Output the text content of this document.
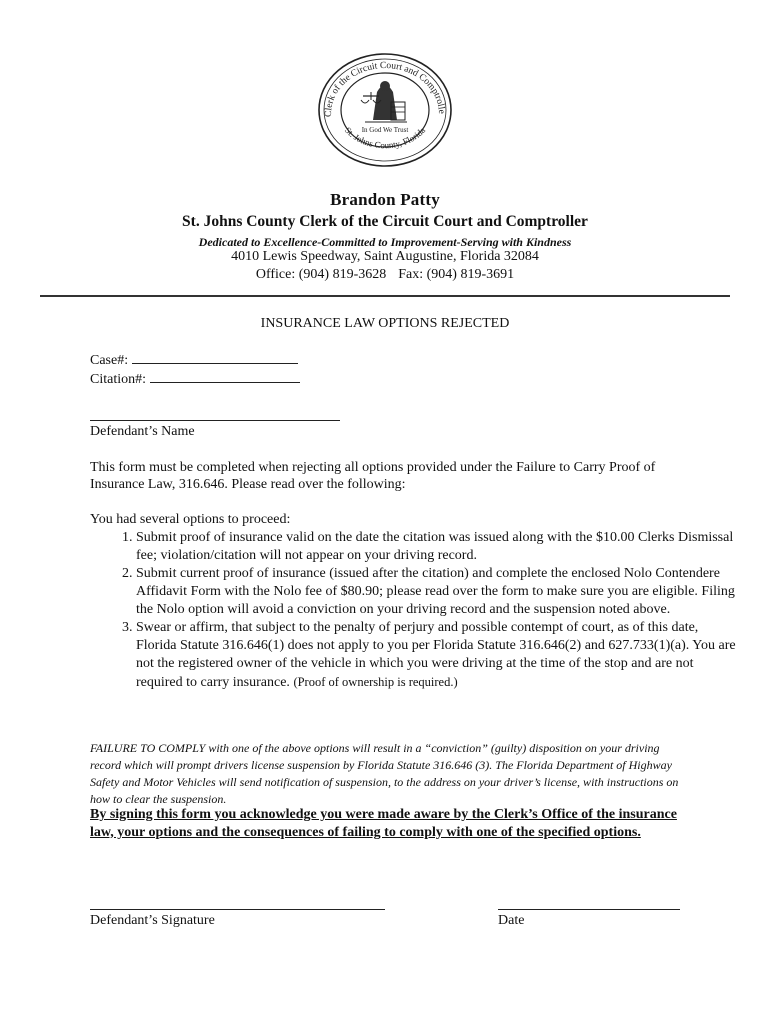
Clerk of the Circuit Court and Comptrolle
St. Johns County, Florida
In God We Trust
Brandon Patty
St. Johns County Clerk of the Circuit Court and Comptroller
Dedicated to Excellence-Committed to Improvement-Serving with Kindness
4010 Lewis Speedway, Saint Augustine, Florida 32084
Office: (904) 819-3628 Fax: (904) 819-3691
INSURANCE LAW OPTIONS REJECTED
Case#:
Citation#:
Defendant’s Name
This form must be completed when rejecting all options provided under the Failure to Carry Proof of Insurance Law, 316.646. Please read over the following:
You had several options to proceed:
1. Submit proof of insurance valid on the date the citation was issued along with the $10.00 Clerks Dismissal fee; violation/citation will not appear on your driving record.
2. Submit current proof of insurance (issued after the citation) and complete the enclosed Nolo Contendere Affidavit Form with the Nolo fee of $80.90; please read over the form to make sure you are eligible. Filing the Nolo option will avoid a conviction on your driving record and the suspension noted above.
3. Swear or affirm, that subject to the penalty of perjury and possible contempt of court, as of this date, Florida Statute 316.646(1) does not apply to you per Florida Statute 316.646(2) and 627.733(1)(a). You are not the registered owner of the vehicle in which you were driving at the time of the stop and are not required to carry insurance. (Proof of ownership is required.)
FAILURE TO COMPLY with one of the above options will result in a “conviction” (guilty) disposition on your driving record which will prompt drivers license suspension by Florida Statute 316.646 (3). The Florida Department of Highway Safety and Motor Vehicles will send notification of suspension, to the address on your driver’s license, with instructions on how to clear the suspension.
By signing this form you acknowledge you were made aware by the Clerk’s Office of the insurance law, your options and the consequences of failing to comply with one of the specified options.
Defendant’s Signature	Date
